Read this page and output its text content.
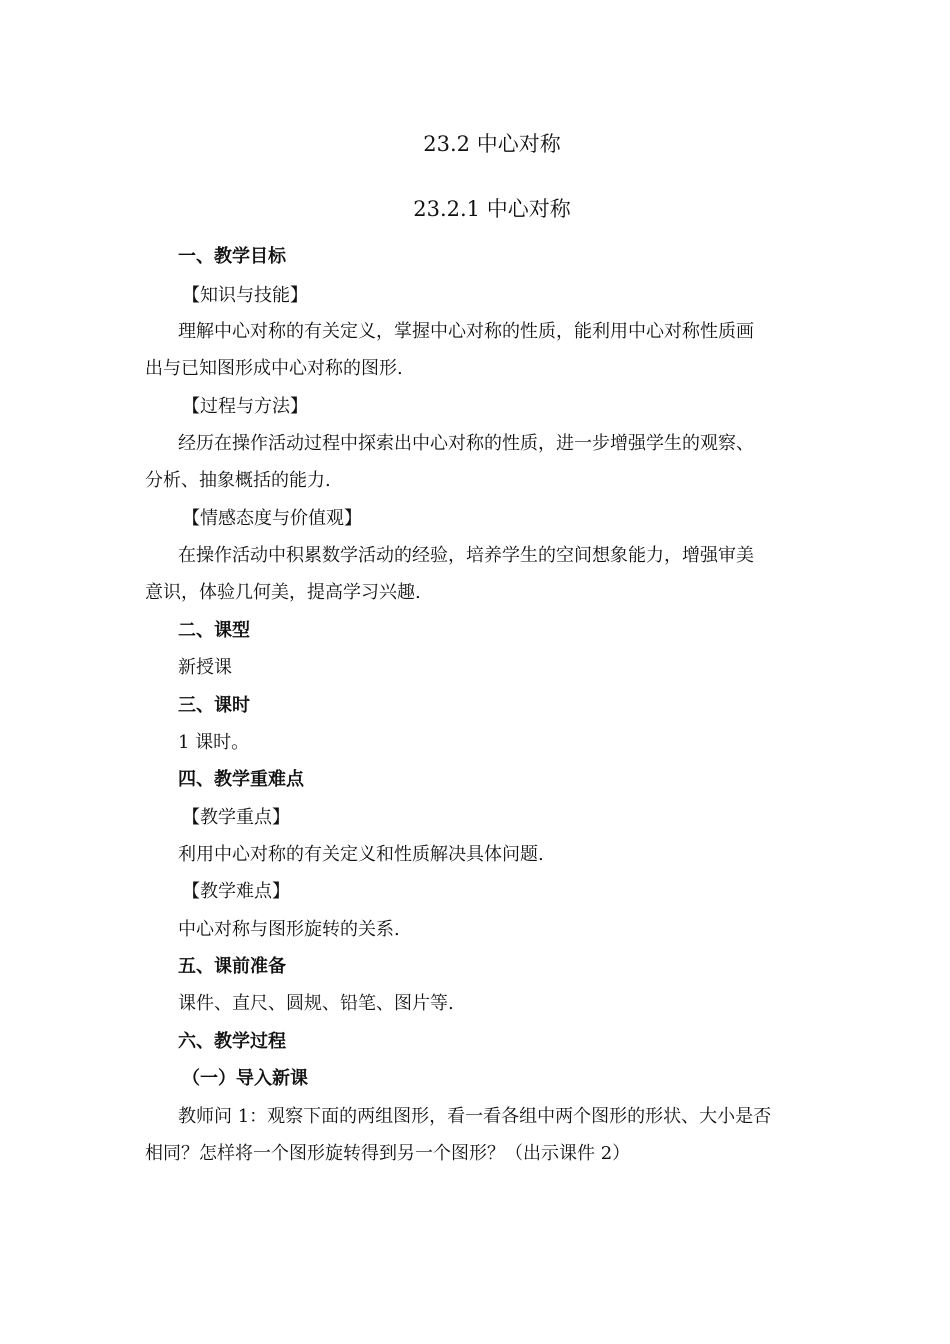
23.2 中心对称
23.2.1 中心对称
一、教学目标
【知识与技能】
理解中心对称的有关定义，掌握中心对称的性质，能利用中心对称性质画
出与已知图形成中心对称的图形.
【过程与方法】
经历在操作活动过程中探索出中心对称的性质，进一步增强学生的观察、
分析、抽象概括的能力.
【情感态度与价值观】
在操作活动中积累数学活动的经验，培养学生的空间想象能力，增强审美
意识，体验几何美，提高学习兴趣.
二、课型
新授课
三、课时
1 课时。
四、教学重难点
【教学重点】
利用中心对称的有关定义和性质解决具体问题.
【教学难点】
中心对称与图形旋转的关系.
五、课前准备
课件、直尺、圆规、铅笔、图片等.
六、教学过程
（一）导入新课
教师问 1：观察下面的两组图形，看一看各组中两个图形的形状、大小是否
相同？怎样将一个图形旋转得到另一个图形？（出示课件 2）
